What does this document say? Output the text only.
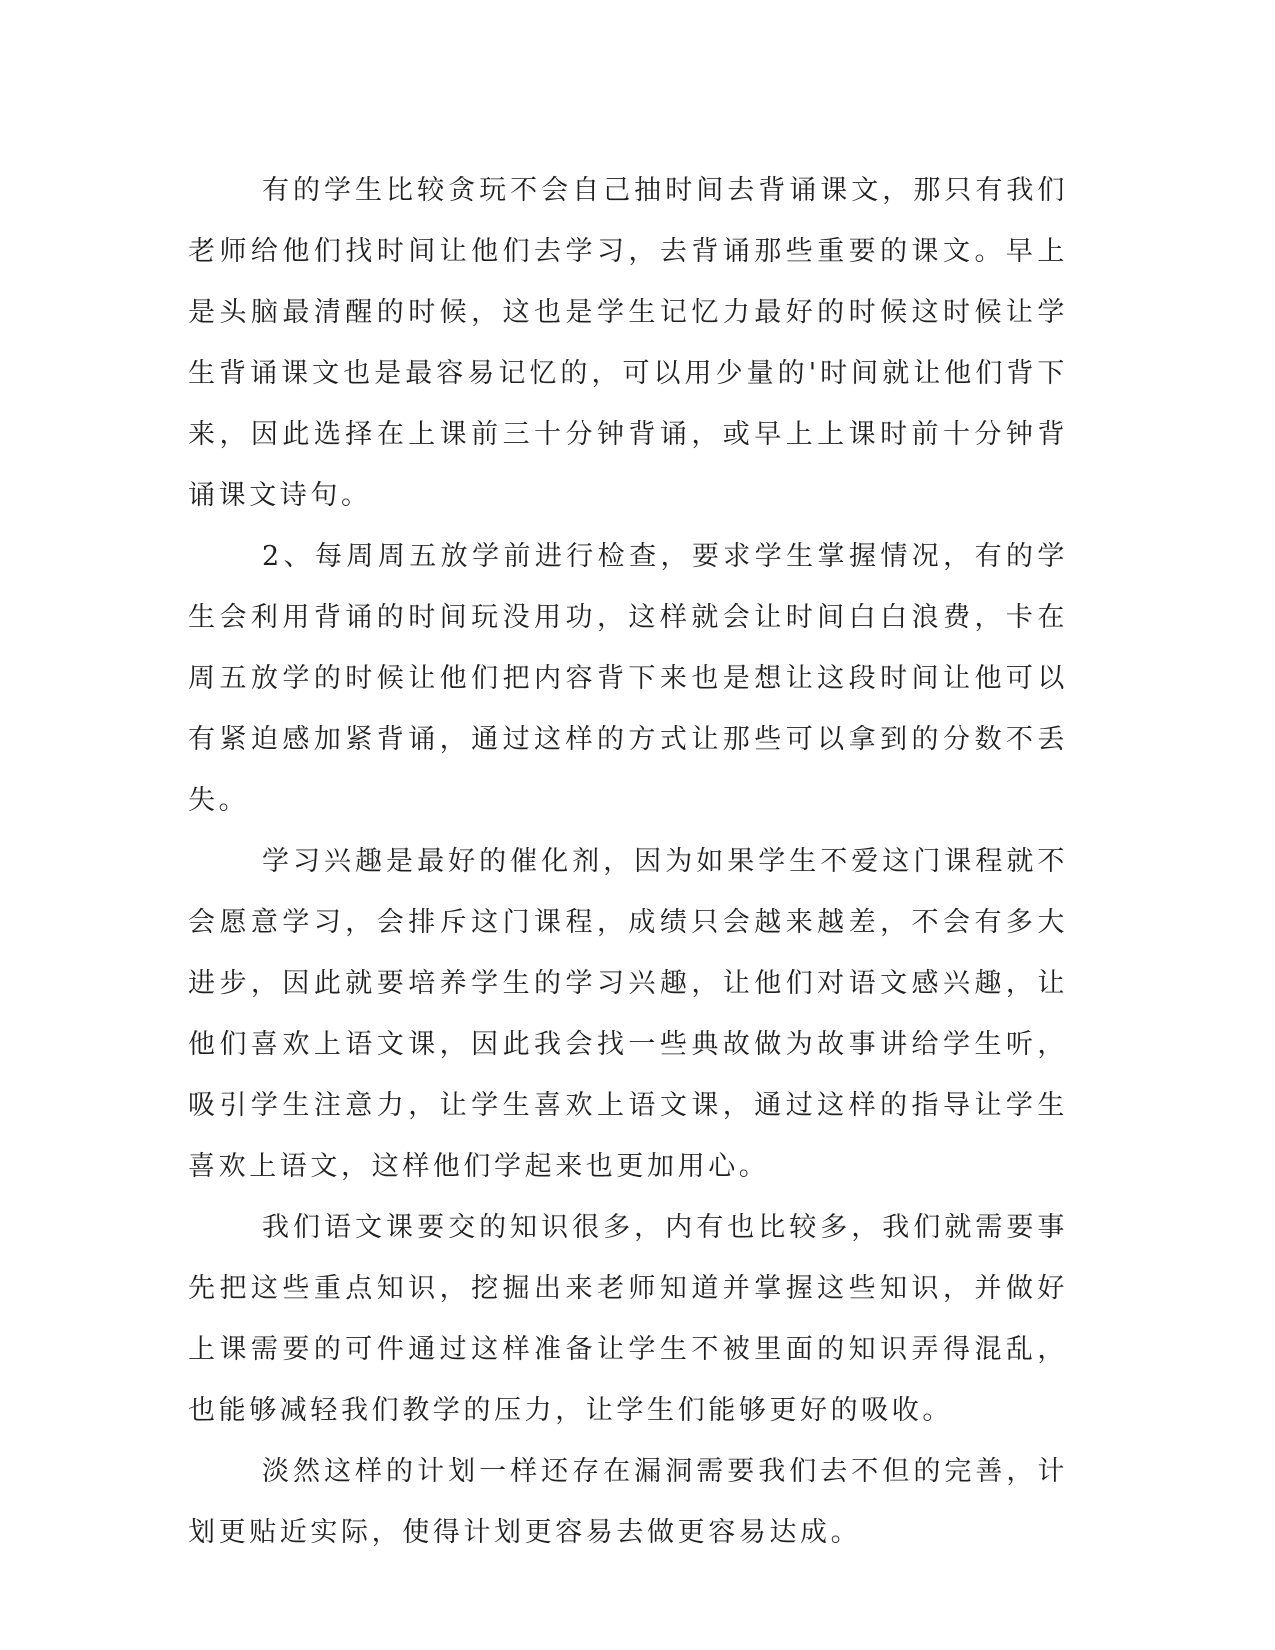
有的学生比较贪玩不会自己抽时间去背诵课文，那只有我们老师给他们找时间让他们去学习，去背诵那些重要的课文。早上是头脑最清醒的时候，这也是学生记忆力最好的时候这时候让学生背诵课文也是最容易记忆的，可以用少量的'时间就让他们背下来，因此选择在上课前三十分钟背诵，或早上上课时前十分钟背诵课文诗句。

2、每周周五放学前进行检查，要求学生掌握情况，有的学生会利用背诵的时间玩没用功，这样就会让时间白白浪费，卡在周五放学的时候让他们把内容背下来也是想让这段时间让他可以有紧迫感加紧背诵，通过这样的方式让那些可以拿到的分数不丢失。

学习兴趣是最好的催化剂，因为如果学生不爱这门课程就不会愿意学习，会排斥这门课程，成绩只会越来越差，不会有多大进步，因此就要培养学生的学习兴趣，让他们对语文感兴趣，让他们喜欢上语文课，因此我会找一些典故做为故事讲给学生听，吸引学生注意力，让学生喜欢上语文课，通过这样的指导让学生喜欢上语文，这样他们学起来也更加用心。

我们语文课要交的知识很多，内有也比较多，我们就需要事先把这些重点知识，挖掘出来老师知道并掌握这些知识，并做好上课需要的可件通过这样准备让学生不被里面的知识弄得混乱，也能够减轻我们教学的压力，让学生们能够更好的吸收。

淡然这样的计划一样还存在漏洞需要我们去不但的完善，计划更贴近实际，使得计划更容易去做更容易达成。
